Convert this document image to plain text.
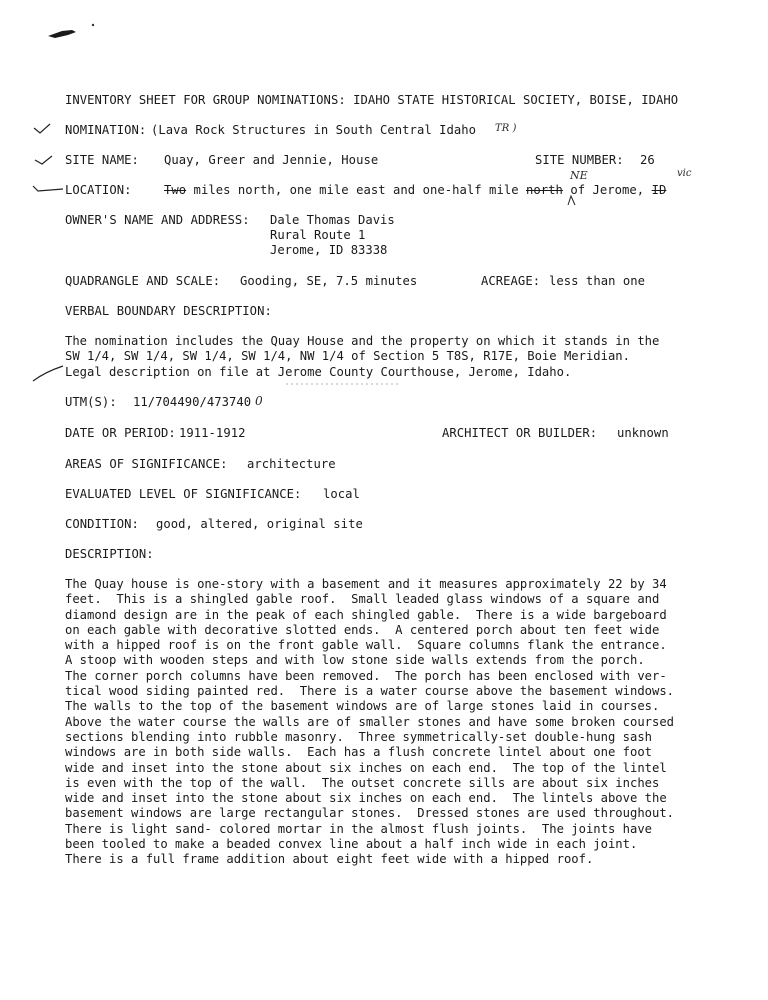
INVENTORY SHEET FOR GROUP NOMINATIONS: IDAHO STATE HISTORICAL SOCIETY, BOISE, IDAHO
NOMINATION: (Lava Rock Structures in South Central Idaho TR )
SITE NAME: Quay, Greer and Jennie, House	SITE NUMBER: 26
NE	vic
LOCATION:	Two miles north, one mile east and one-half mile north of Jerome, ID
OWNER'S NAME AND ADDRESS: Dale Thomas Davis
Rural Route 1
Jerome, ID 83338
QUADRANGLE AND SCALE: Gooding, SE, 7.5 minutes	ACREAGE: less than one
VERBAL BOUNDARY DESCRIPTION:
The nomination includes the Quay House and the property on which it stands in the
SW 1/4, SW 1/4, SW 1/4, SW 1/4, NW 1/4 of Section 5 T8S, R17E, Boie Meridian.
Legal description on file at Jerome County Courthouse, Jerome, Idaho.
UTM(S): 11/704490/473740 0
DATE OR PERIOD: 1911-1912	ARCHITECT OR BUILDER: unknown
AREAS OF SIGNIFICANCE: architecture
EVALUATED LEVEL OF SIGNIFICANCE: local
CONDITION: good, altered, original site
DESCRIPTION:
The Quay house is one-story with a basement and it measures approximately 22 by 34
feet.  This is a shingled gable roof.  Small leaded glass windows of a square and
diamond design are in the peak of each shingled gable.  There is a wide bargeboard
on each gable with decorative slotted ends.  A centered porch about ten feet wide
with a hipped roof is on the front gable wall.  Square columns flank the entrance.
A stoop with wooden steps and with low stone side walls extends from the porch.
The corner porch columns have been removed.  The porch has been enclosed with ver-
tical wood siding painted red.  There is a water course above the basement windows.
The walls to the top of the basement windows are of large stones laid in courses.
Above the water course the walls are of smaller stones and have some broken coursed
sections blending into rubble masonry.  Three symmetrically-set double-hung sash
windows are in both side walls.  Each has a flush concrete lintel about one foot
wide and inset into the stone about six inches on each end.  The top of the lintel
is even with the top of the wall.  The outset concrete sills are about six inches
wide and inset into the stone about six inches on each end.  The lintels above the
basement windows are large rectangular stones.  Dressed stones are used throughout.
There is light sand- colored mortar in the almost flush joints.  The joints have
been tooled to make a beaded convex line about a half inch wide in each joint.
There is a full frame addition about eight feet wide with a hipped roof.
